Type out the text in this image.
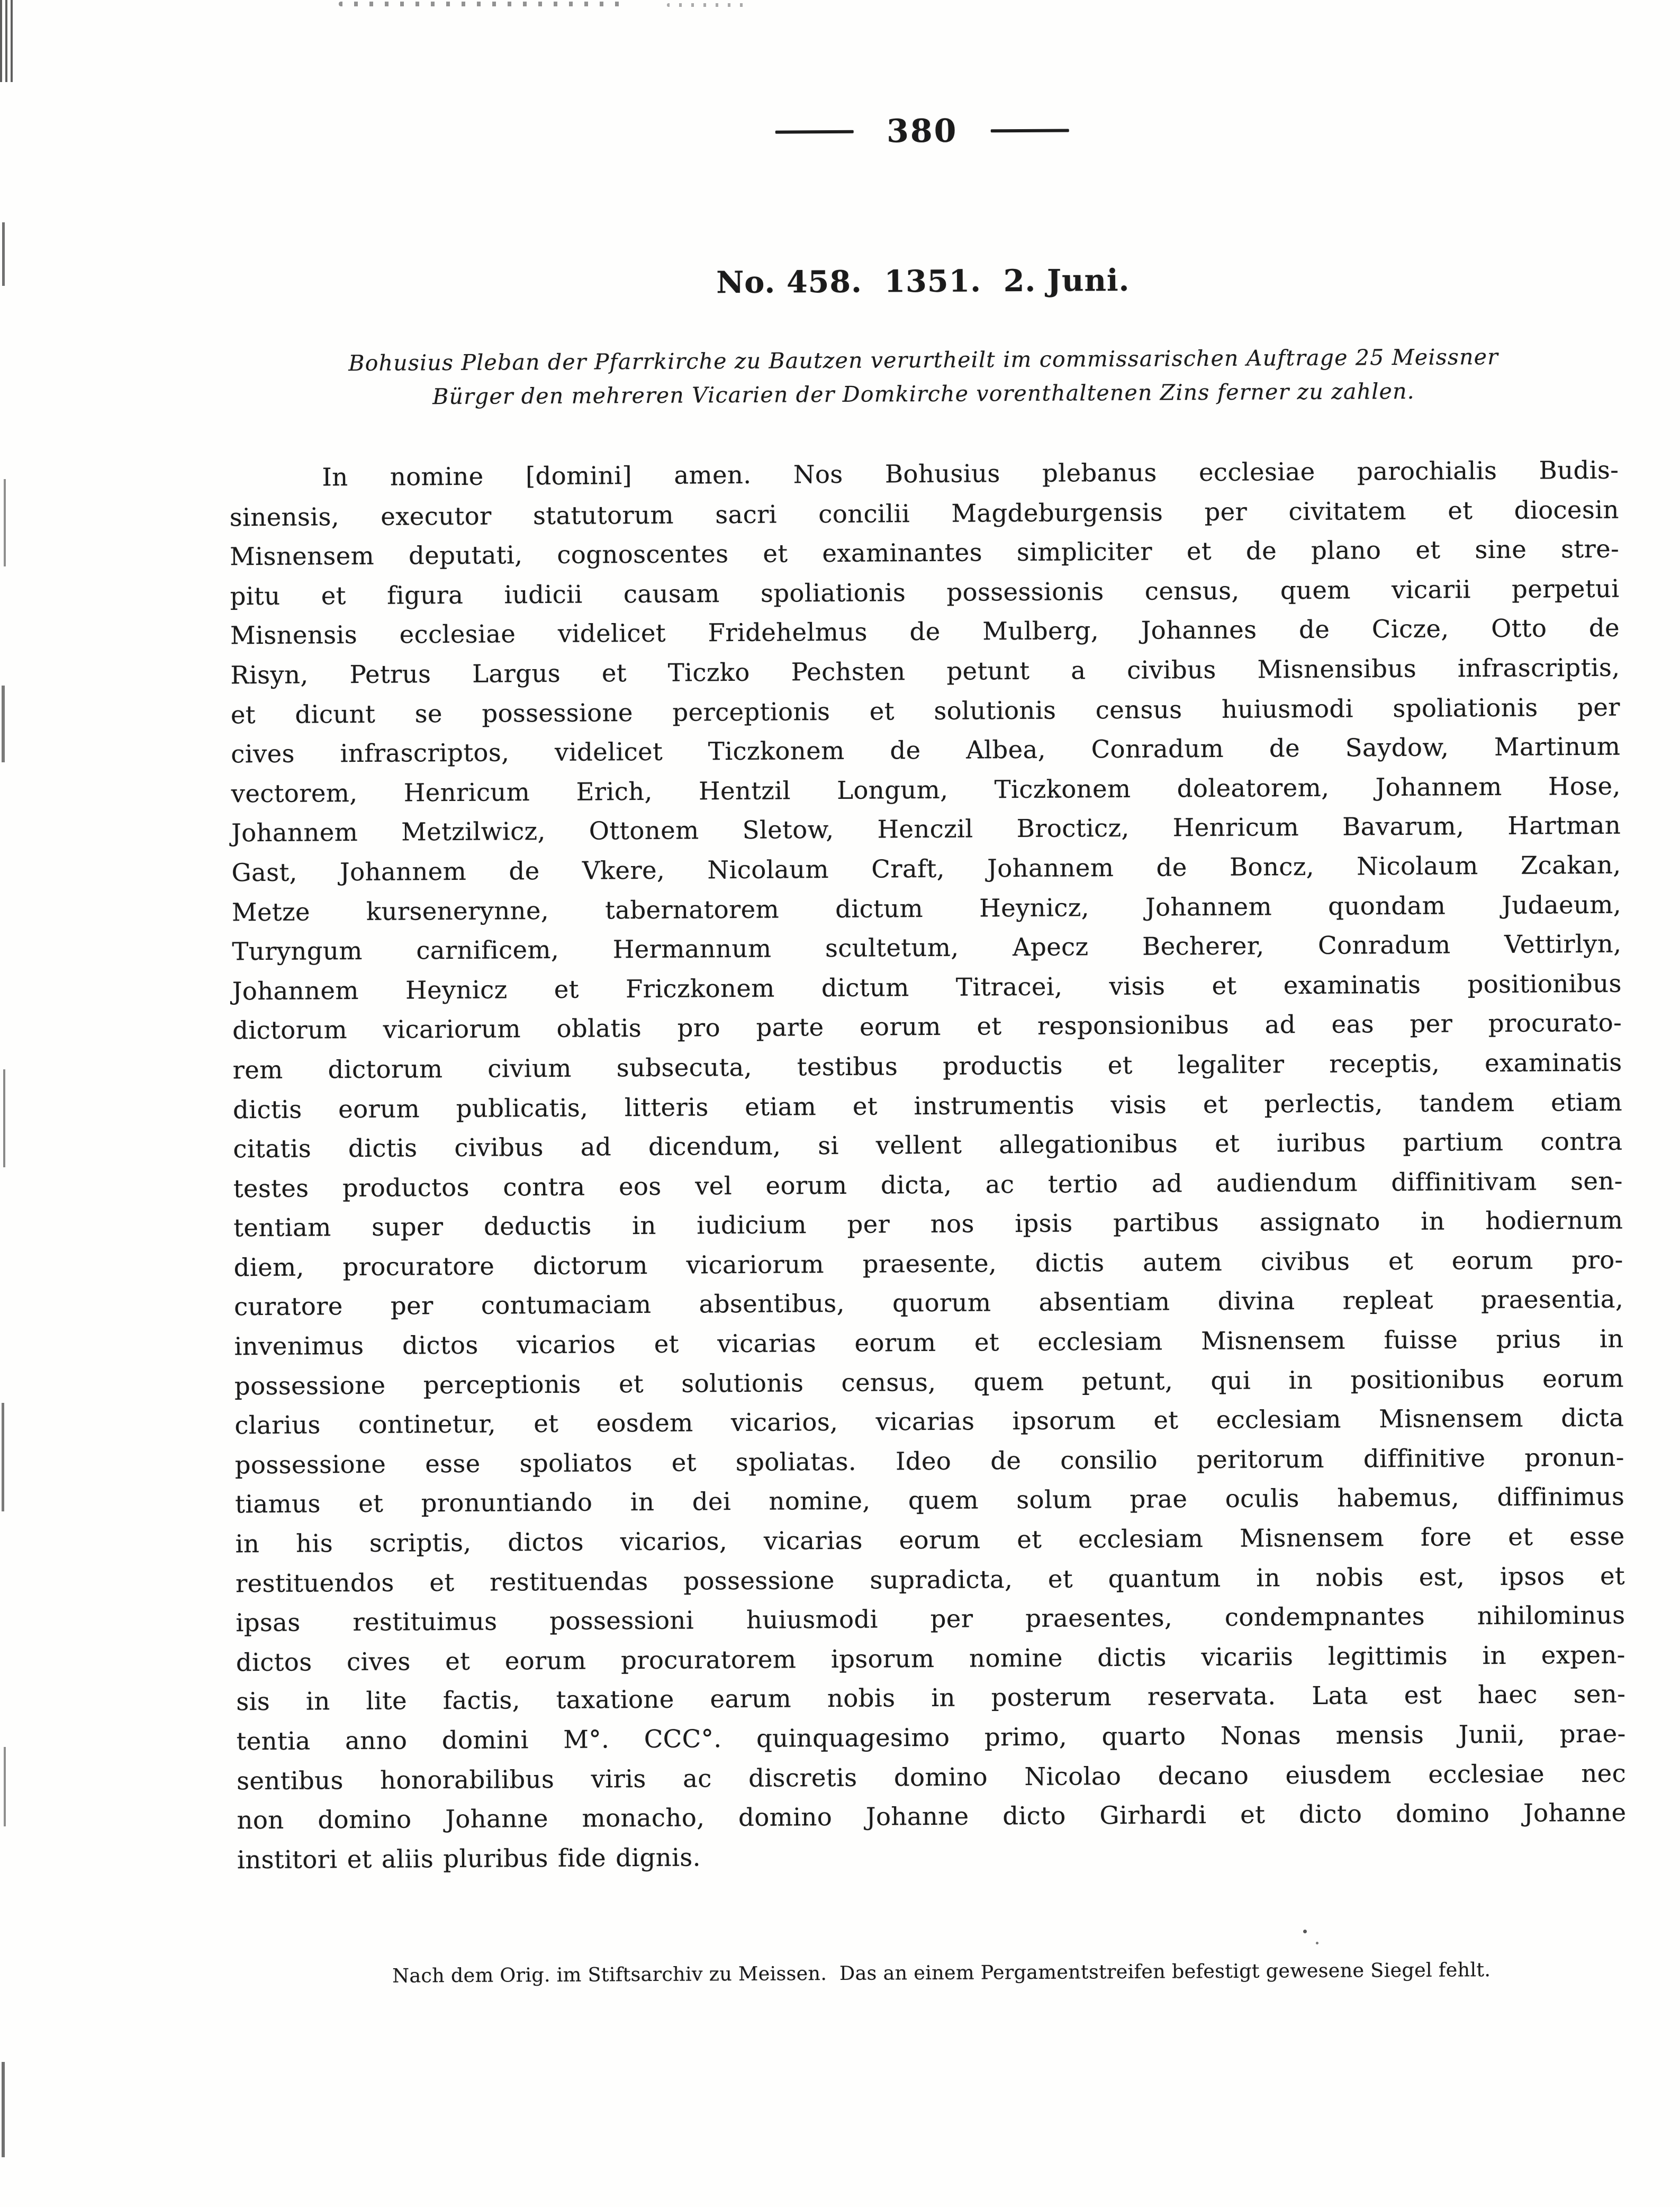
380
No. 458.  1351.  2. Juni.
Bohusius Pleban der Pfarrkirche zu Bautzen verurtheilt im commissarischen Auftrage 25 Meissner
Bürger den mehreren Vicarien der Domkirche vorenthaltenen Zins ferner zu zahlen.
In nomine [domini] amen. Nos Bohusius plebanus ecclesiae parochialis Budis-
sinensis, executor statutorum sacri concilii Magdeburgensis per civitatem et diocesin
Misnensem deputati, cognoscentes et examinantes simpliciter et de plano et sine stre-
pitu et figura iudicii causam spoliationis possessionis census, quem vicarii perpetui
Misnensis ecclesiae videlicet Fridehelmus de Mulberg, Johannes de Cicze, Otto de
Risyn, Petrus Largus et Ticzko Pechsten petunt a civibus Misnensibus infrascriptis,
et dicunt se possessione perceptionis et solutionis census huiusmodi spoliationis per
cives infrascriptos, videlicet Ticzkonem de Albea, Conradum de Saydow, Martinum
vectorem, Henricum Erich, Hentzil Longum, Ticzkonem doleatorem, Johannem Hose,
Johannem Metzilwicz, Ottonem Sletow, Henczil Brocticz, Henricum Bavarum, Hartman
Gast, Johannem de Vkere, Nicolaum Craft, Johannem de Boncz, Nicolaum Zcakan,
Metze kursenerynne, tabernatorem dictum Heynicz, Johannem quondam Judaeum,
Turyngum carnificem, Hermannum scultetum, Apecz Becherer, Conradum Vettirlyn,
Johannem Heynicz et Friczkonem dictum Titracei, visis et examinatis positionibus
dictorum vicariorum oblatis pro parte eorum et responsionibus ad eas per procurato-
rem dictorum civium subsecuta, testibus productis et legaliter receptis, examinatis
dictis eorum publicatis, litteris etiam et instrumentis visis et perlectis, tandem etiam
citatis dictis civibus ad dicendum, si vellent allegationibus et iuribus partium contra
testes productos contra eos vel eorum dicta, ac tertio ad audiendum diffinitivam sen-
tentiam super deductis in iudicium per nos ipsis partibus assignato in hodiernum
diem, procuratore dictorum vicariorum praesente, dictis autem civibus et eorum pro-
curatore per contumaciam absentibus, quorum absentiam divina repleat praesentia,
invenimus dictos vicarios et vicarias eorum et ecclesiam Misnensem fuisse prius in
possessione perceptionis et solutionis census, quem petunt, qui in positionibus eorum
clarius continetur, et eosdem vicarios, vicarias ipsorum et ecclesiam Misnensem dicta
possessione esse spoliatos et spoliatas. Ideo de consilio peritorum diffinitive pronun-
tiamus et pronuntiando in dei nomine, quem solum prae oculis habemus, diffinimus
in his scriptis, dictos vicarios, vicarias eorum et ecclesiam Misnensem fore et esse
restituendos et restituendas possessione supradicta, et quantum in nobis est, ipsos et
ipsas restituimus possessioni huiusmodi per praesentes, condempnantes nihilominus
dictos cives et eorum procuratorem ipsorum nomine dictis vicariis legittimis in expen-
sis in lite factis, taxatione earum nobis in posterum reservata. Lata est haec sen-
tentia anno domini M°. CCC°. quinquagesimo primo, quarto Nonas mensis Junii, prae-
sentibus honorabilibus viris ac discretis domino Nicolao decano eiusdem ecclesiae nec
non domino Johanne monacho, domino Johanne dicto Girhardi et dicto domino Johanne
institori et aliis pluribus fide dignis.
Nach dem Orig. im Stiftsarchiv zu Meissen.  Das an einem Pergamentstreifen befestigt gewesene Siegel fehlt.
